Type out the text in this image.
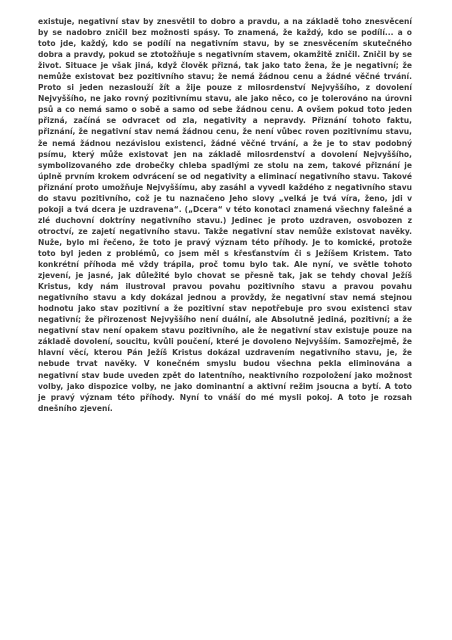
existuje, negativní stav by znesvětil to dobro a pravdu, a na základě toho znesvěcení by se nadobro zničil bez možnosti spásy. To znamená, že každý, kdo se podílí... a o toto jde, každý, kdo se podílí na negativním stavu, by se znesvěcením skutečného dobra a pravdy, pokud se ztotožňuje s negativním stavem, okamžitě zničil. Zničil by se život. Situace je však jiná, když člověk přizná, tak jako tato žena, že je negativní; že nemůže existovat bez pozitivního stavu; že nemá žádnou cenu a žádné věčné trvání. Proto si jeden nezaslouží žít a žije pouze z milosrdenství Nejvyššího, z dovolení Nejvyššího, ne jako rovný pozitivnímu stavu, ale jako něco, co je tolerováno na úrovni psů a co nemá samo o sobě a samo od sebe žádnou cenu. A ovšem pokud toto jeden přizná, začíná se odvracet od zla, negativity a nepravdy. Přiznání tohoto faktu, přiznání, že negativní stav nemá žádnou cenu, že není vůbec roven pozitivnímu stavu, že nemá žádnou nezávislou existenci, žádné věčné trvání, a že je to stav podobný psímu, který může existovat jen na základě milosrdenství a dovolení Nejvyššího, symbolizovaného zde drobečky chleba spadlými ze stolu na zem, takové přiznání je úplně prvním krokem odvrácení se od negativity a eliminací negativního stavu. Takové přiznání proto umožňuje Nejvyššímu, aby zasáhl a vyvedl každého z negativního stavu do stavu pozitivního, což je tu naznačeno Jeho slovy „velká je tvá víra, ženo, jdi v pokoji a tvá dcera je uzdravena“. („Dcera“ v této konotaci znamená všechny falešné a zlé duchovní doktríny negativního stavu.) Jedinec je proto uzdraven, osvobozen z otroctví, ze zajetí negativního stavu. Takže negativní stav nemůže existovat navěky. Nuže, bylo mi řečeno, že toto je pravý význam této příhody. Je to komické, protože toto byl jeden z problémů, co jsem měl s křesťanstvím či s Ježíšem Kristem. Tato konkrétní příhoda mě vždy trápila, proč tomu bylo tak. Ale nyní, ve světle tohoto zjevení, je jasné, jak důležité bylo chovat se přesně tak, jak se tehdy choval Ježíš Kristus, kdy nám ilustroval pravou povahu pozitivního stavu a pravou povahu negativního stavu a kdy dokázal jednou a provždy, že negativní stav nemá stejnou hodnotu jako stav pozitivní a že pozitivní stav nepotřebuje pro svou existenci stav negativní; že přirozenost Nejvyššího není duální, ale Absolutně jediná, pozitivní; a že negativní stav není opakem stavu pozitivního, ale že negativní stav existuje pouze na základě dovolení, soucitu, kvůli poučení, které je dovoleno Nejvyšším. Samozřejmě, že hlavní věcí, kterou Pán Ježíš Kristus dokázal uzdravením negativního stavu, je, že nebude trvat navěky. V konečném smyslu budou všechna pekla eliminována a negativní stav bude uveden zpět do latentního, neaktivního rozpoložení jako možnost volby, jako dispozice volby, ne jako dominantní a aktivní režim jsoucna a bytí. A toto je pravý význam této příhody. Nyní to vnáší do mé mysli pokoj. A toto je rozsah dnešního zjevení.
